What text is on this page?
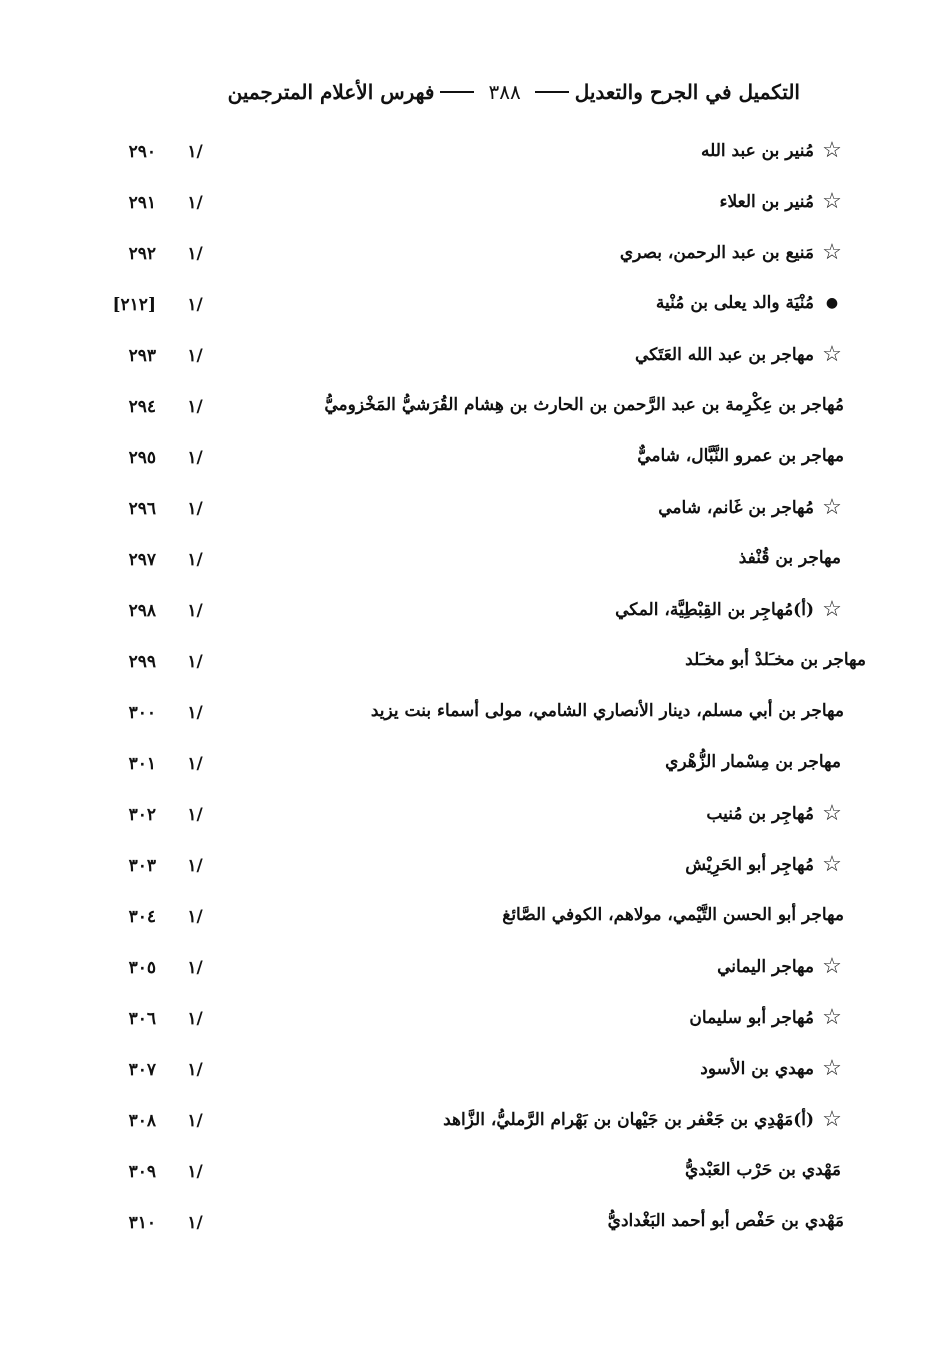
التكميل في الجرح والتعديل
٣٨٨
فهرس الأعلام المترجمين
☆
مُنير بن عبد الله
١/
٢٩٠
☆
مُنير بن العلاء
١/
٢٩١
☆
مَنيع بن عبد الرحمن، بصري
١/
٢٩٢
●
مُنْيَة والد يعلى بن مُنْية
١/
[٢١٢]
☆
مهاجر بن عبد الله العَتَكي
١/
٢٩٣
مُهاجر بن عِكْرِمة بن عبد الرَّحمن بن الحارث بن هِشام القُرَشيُّ المَخْزوميُّ
١/
٢٩٤
مهاجر بن عمرو النَّبَّال، شاميٌّ
١/
٢٩٥
☆
مُهاجر بن غَانم، شامي
١/
٢٩٦
مهاجر بن قُنْفذ
١/
٢٩٧
☆
(أ)مُهاجِر بن القِبْطِيَّة، المكي
١/
٢٩٨
مهاجر بن مخـَلدْ أبو مخـَلد
١/
٢٩٩
مهاجر بن أبي مسلم، دينار الأنصاري الشامي، مولى أسماء بنت يزيد
١/
٣٠٠
مهاجر بن مِسْمار الزُّهْري
١/
٣٠١
☆
مُهاجِر بن مُنيب
١/
٣٠٢
☆
مُهاجِر أبو الحَرِيْش
١/
٣٠٣
مهاجر أبو الحسن التَّيْمي، مولاهم، الكوفي الصَّائغ
١/
٣٠٤
☆
مهاجر اليماني
١/
٣٠٥
☆
مُهاجر أبو سليمان
١/
٣٠٦
☆
مهدي بن الأسود
١/
٣٠٧
☆
(أ)مَهْدِي بن جَعْفر بن جَيْهان بن بَهْرام الرَّمليُّ، الزَّاهد
١/
٣٠٨
مَهْدي بن حَرْب العَبْديُّ
١/
٣٠٩
مَهْدي بن حَفْص أبو أحمد البَغْداديُّ
١/
٣١٠
